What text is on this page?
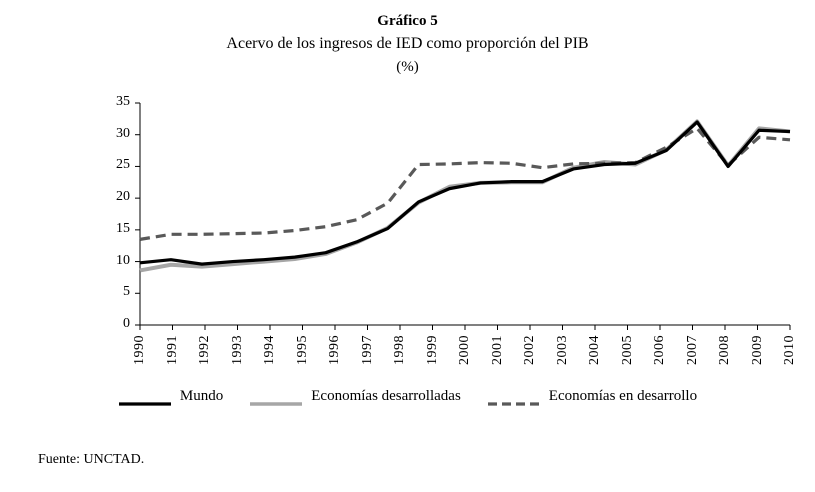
Gráfico 5
Acervo de los ingresos de IED como proporción del PIB
(%)
0
5
10
15
20
25
30
35
1990 1991 1992 1993 1994 1995 1996 1997 1998 1999 2000 2001 2002 2003 2004 2005 2006 2007 2008 2009 2010
Mundo	Economías desarrolladas	Economías en desarrollo
Fuente: UNCTAD.
